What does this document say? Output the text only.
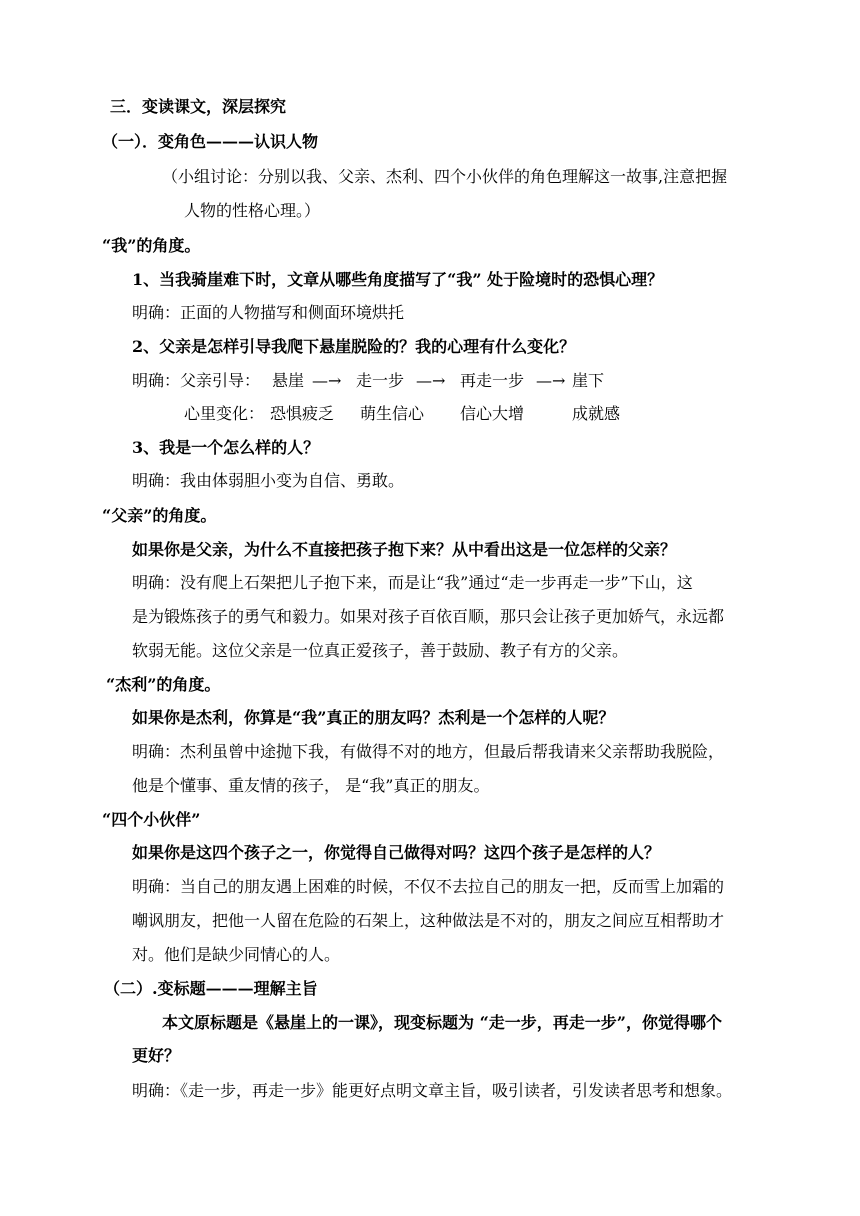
三．变读课文，深层探究
（一）．变角色———认识人物
（小组讨论：分别以我、父亲、杰利、四个小伙伴的角色理解这一故事,注意把握
人物的性格心理。）
“我”的角度。
1、当我骑崖难下时，文章从哪些角度描写了“我” 处于险境时的恐惧心理？
明确：正面的人物描写和侧面环境烘托
2、父亲是怎样引导我爬下悬崖脱险的？我的心理有什么变化？
明确：父亲引导： 悬崖 —→ 走一步 —→ 再走一步 —→ 崖下
心里变化： 恐惧疲乏 萌生信心 信心大增	成就感
3、我是一个怎么样的人？
明确：我由体弱胆小变为自信、勇敢。
“父亲”的角度。
如果你是父亲，为什么不直接把孩子抱下来？从中看出这是一位怎样的父亲？
明确：没有爬上石架把儿子抱下来，而是让“我”通过“走一步再走一步”下山，这
是为锻炼孩子的勇气和毅力。如果对孩子百依百顺，那只会让孩子更加娇气，永远都
软弱无能。这位父亲是一位真正爱孩子，善于鼓励、教子有方的父亲。
“杰利”的角度。
如果你是杰利，你算是“我”真正的朋友吗？杰利是一个怎样的人呢？
明确：杰利虽曾中途抛下我，有做得不对的地方，但最后帮我请来父亲帮助我脱险，
他是个懂事、重友情的孩子， 是“我”真正的朋友。
“四个小伙伴”
如果你是这四个孩子之一，你觉得自己做得对吗？这四个孩子是怎样的人？
明确：当自己的朋友遇上困难的时候，不仅不去拉自己的朋友一把，反而雪上加霜的
嘲讽朋友，把他一人留在危险的石架上，这种做法是不对的，朋友之间应互相帮助才
对。他们是缺少同情心的人。
（二）.变标题———理解主旨
本文原标题是《悬崖上的一课》，现变标题为 “走一步，再走一步”，你觉得哪个
更好？
明确：《走一步，再走一步》能更好点明文章主旨，吸引读者，引发读者思考和想象。
